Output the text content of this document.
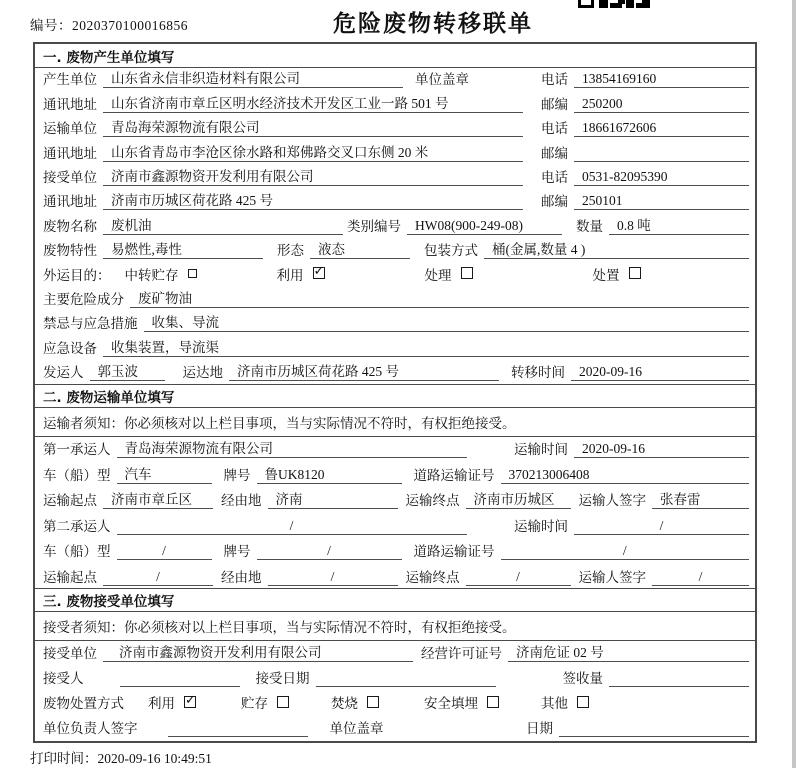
编号：2020370100016856	危险废物转移联单
一. 废物产生单位填写
产生单位	山东省永信非织造材料有限公司	单位盖章	电话	13854169160
通讯地址	山东省济南市章丘区明水经济技术开发区工业一路 501 号	邮编	250200
运输单位	青岛海荣源物流有限公司	电话	18661672606
通讯地址	山东省青岛市李沧区徐水路和郑佛路交叉口东侧 20 米	邮编
接受单位	济南市鑫源物资开发利用有限公司	电话	0531-82095390
通讯地址	济南市历城区荷花路 425 号	邮编	250101
废物名称	废机油	类别编号	HW08(900-249-08)	数量	0.8 吨
废物特性	易燃性,毒性	形态	液态	包装方式	桶(金属,数量 4 )
外运目的： 中转贮存	利用 ✓	处理	处置
主要危险成分	废矿物油
禁忌与应急措施	收集、导流
应急设备	收集装置，导流渠
发运人	郭玉波	运达地	济南市历城区荷花路 425 号	转移时间	2020-09-16
二. 废物运输单位填写
运输者须知：你必须核对以上栏目事项，当与实际情况不符时，有权拒绝接受。
第一承运人	青岛海荣源物流有限公司	运输时间	2020-09-16
车（船）型	汽车	牌号	鲁UK8120	道路运输证号	370213006408
运输起点	济南市章丘区	经由地	济南	运输终点	济南市历城区	运输人签字	张春雷
第二承运人	/	运输时间	/
车（船）型	/	牌号	/	道路运输证号	/
运输起点	/	经由地	/	运输终点	/	运输人签字	/
三. 废物接受单位填写
接受者须知：你必须核对以上栏目事项，当与实际情况不符时，有权拒绝接受。
接受单位	济南市鑫源物资开发利用有限公司	经营许可证号	济南危证 02 号
接受人	接受日期	签收量
废物处置方式 利用 ✓	贮存	焚烧	安全填埋	其他
单位负责人签字	单位盖章	日期
打印时间：2020-09-16 10:49:51
